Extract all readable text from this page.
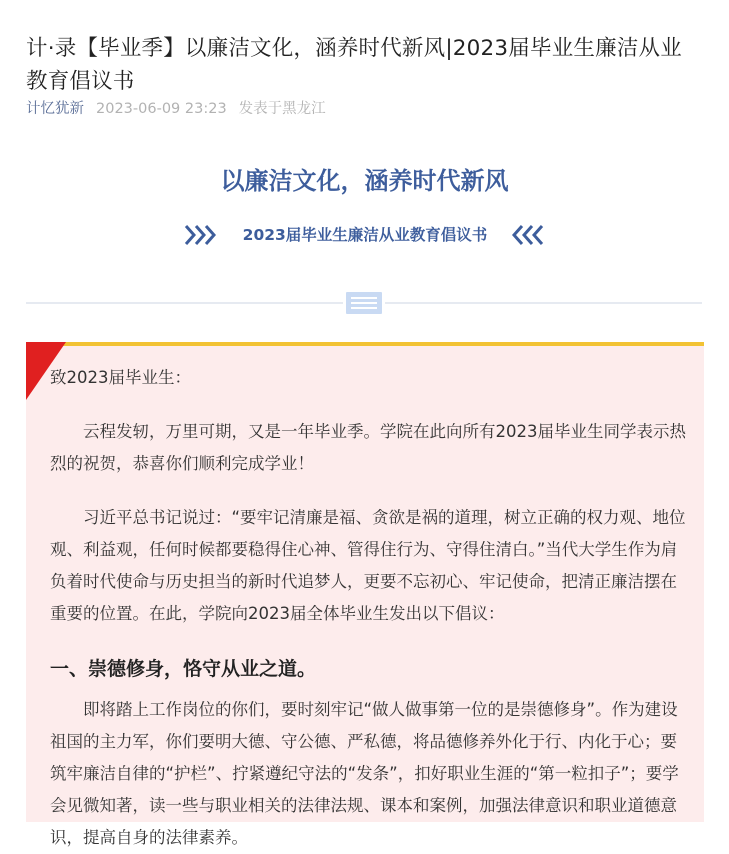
计·录【毕业季】以廉洁文化，涵养时代新风|2023届毕业生廉洁从业教育倡议书
计忆犹新 2023-06-09 23:23 发表于黑龙江
以廉洁文化，涵养时代新风
2023届毕业生廉洁从业教育倡议书

致2023届毕业生：

云程发轫，万里可期，又是一年毕业季。学院在此向所有2023届毕业生同学表示热烈的祝贺，恭喜你们顺利完成学业！

习近平总书记说过：“要牢记清廉是福、贪欲是祸的道理，树立正确的权力观、地位观、利益观，任何时候都要稳得住心神、管得住行为、守得住清白。”当代大学生作为肩负着时代使命与历史担当的新时代追梦人，更要不忘初心、牢记使命，把清正廉洁摆在重要的位置。在此，学院向2023届全体毕业生发出以下倡议：

一、崇德修身，恪守从业之道。

即将踏上工作岗位的你们，要时刻牢记“做人做事第一位的是崇德修身”。作为建设祖国的主力军，你们要明大德、守公德、严私德，将品德修养外化于行、内化于心；要筑牢廉洁自律的“护栏”、拧紧遵纪守法的“发条”，扣好职业生涯的“第一粒扣子”；要学会见微知著，读一些与职业相关的法律法规、课本和案例，加强法律意识和职业道德意识，提高自身的法律素养。
